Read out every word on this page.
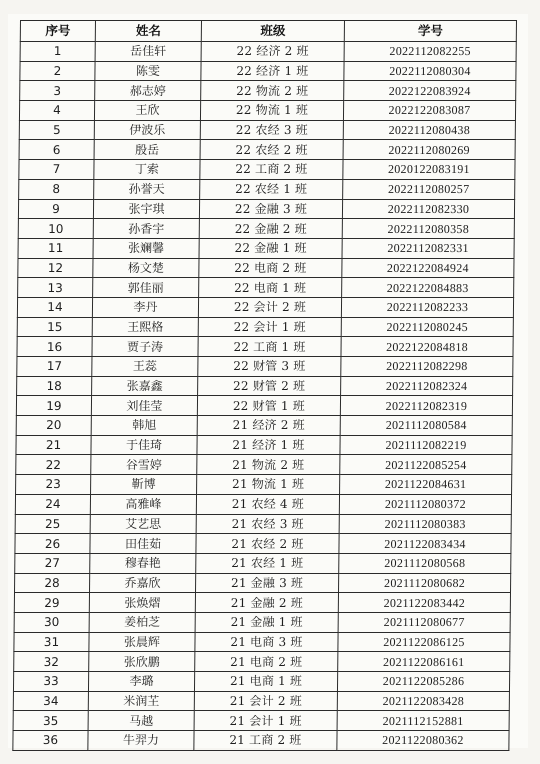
序号	姓名	班级	学号
1	岳佳轩	22 经济 2 班	2022112082255
2	陈雯	22 经济 1 班	2022112080304
3	郝志婷	22 物流 2 班	2022122083924
4	王欣	22 物流 1 班	2022122083087
5	伊波乐	22 农经 3 班	2022112080438
6	殷岳	22 农经 2 班	2022112080269
7	丁索	22 工商 2 班	2020122083191
8	孙誉天	22 农经 1 班	2022112080257
9	张宇琪	22 金融 3 班	2022112082330
10	孙香宇	22 金融 2 班	2022112080358
11	张斓馨	22 金融 1 班	2022112082331
12	杨文楚	22 电商 2 班	2022122084924
13	郭佳丽	22 电商 1 班	2022122084883
14	李丹	22 会计 2 班	2022112082233
15	王熙格	22 会计 1 班	2022112080245
16	贾子涛	22 工商 1 班	2022122084818
17	王蕊	22 财管 3 班	2022112082298
18	张嘉鑫	22 财管 2 班	2022112082324
19	刘佳莹	22 财管 1 班	2022112082319
20	韩旭	21 经济 2 班	2021112080584
21	于佳琦	21 经济 1 班	2021112082219
22	谷雪婷	21 物流 2 班	2021122085254
23	靳博	21 物流 1 班	2021122084631
24	高雅峰	21 农经 4 班	2021112080372
25	艾艺思	21 农经 3 班	2021112080383
26	田佳茹	21 农经 2 班	2021122083434
27	穆春艳	21 农经 1 班	2021112080568
28	乔嘉欣	21 金融 3 班	2021112080682
29	张焕熠	21 金融 2 班	2021122083442
30	姜柏芝	21 金融 1 班	2021112080677
31	张晨辉	21 电商 3 班	2021122086125
32	张欣鹏	21 电商 2 班	2021122086161
33	李璐	21 电商 1 班	2021122085286
34	米润芏	21 会计 2 班	2021122083428
35	马越	21 会计 1 班	2021112152881
36	牛羿力	21 工商 2 班	2021122080362
